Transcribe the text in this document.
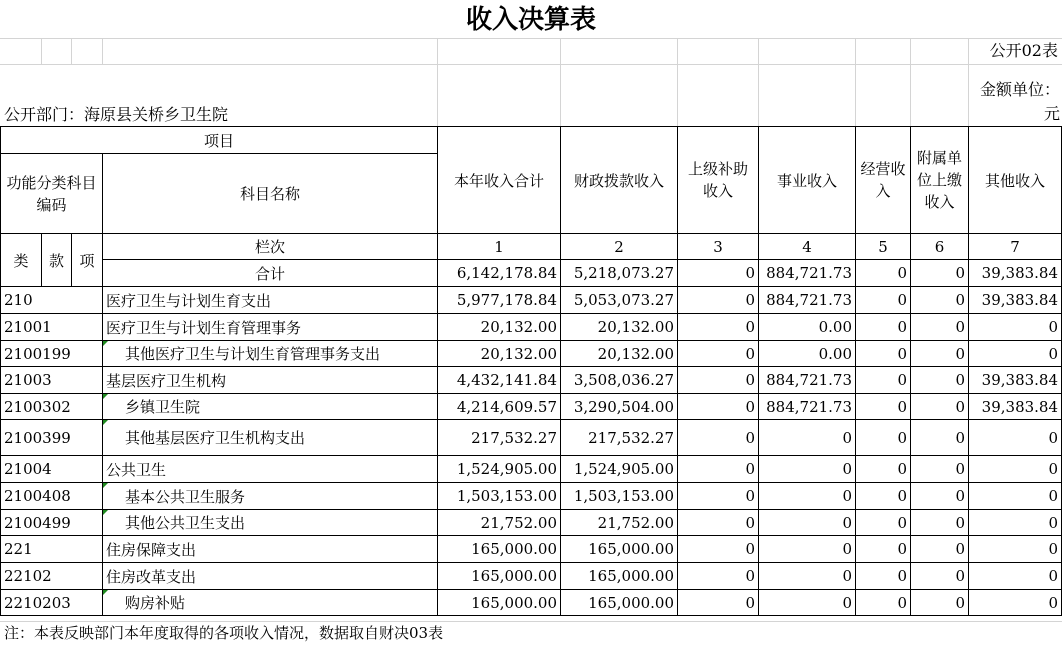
收入决算表
公开02表
金额单位：元
公开部门：海原县关桥乡卫生院
项目				本年收入合计	财政拨款收入	上级补助收入	事业收入	经营收入	附属单位上缴收入	其他收入
功能分类科目编码			科目名称							
类	款	项	栏次	1	2	3	4	5	6	7
			合计	6,142,178.84	5,218,073.27	0	884,721.73	0	0	39,383.84
210			医疗卫生与计划生育支出	5,977,178.84	5,053,073.27	0	884,721.73	0	0	39,383.84
21001			医疗卫生与计划生育管理事务	20,132.00	20,132.00	0	0.00	0	0	0
2100199			其他医疗卫生与计划生育管理事务支出	20,132.00	20,132.00	0	0.00	0	0	0
21003			基层医疗卫生机构	4,432,141.84	3,508,036.27	0	884,721.73	0	0	39,383.84
2100302			乡镇卫生院	4,214,609.57	3,290,504.00	0	884,721.73	0	0	39,383.84
2100399			其他基层医疗卫生机构支出	217,532.27	217,532.27	0	0	0	0	0
21004			公共卫生	1,524,905.00	1,524,905.00	0	0	0	0	0
2100408			基本公共卫生服务	1,503,153.00	1,503,153.00	0	0	0	0	0
2100499			其他公共卫生支出	21,752.00	21,752.00	0	0	0	0	0
221			住房保障支出	165,000.00	165,000.00	0	0	0	0	0
22102			住房改革支出	165,000.00	165,000.00	0	0	0	0	0
2210203			购房补贴	165,000.00	165,000.00	0	0	0	0	0
注：本表反映部门本年度取得的各项收入情况，数据取自财决03表
